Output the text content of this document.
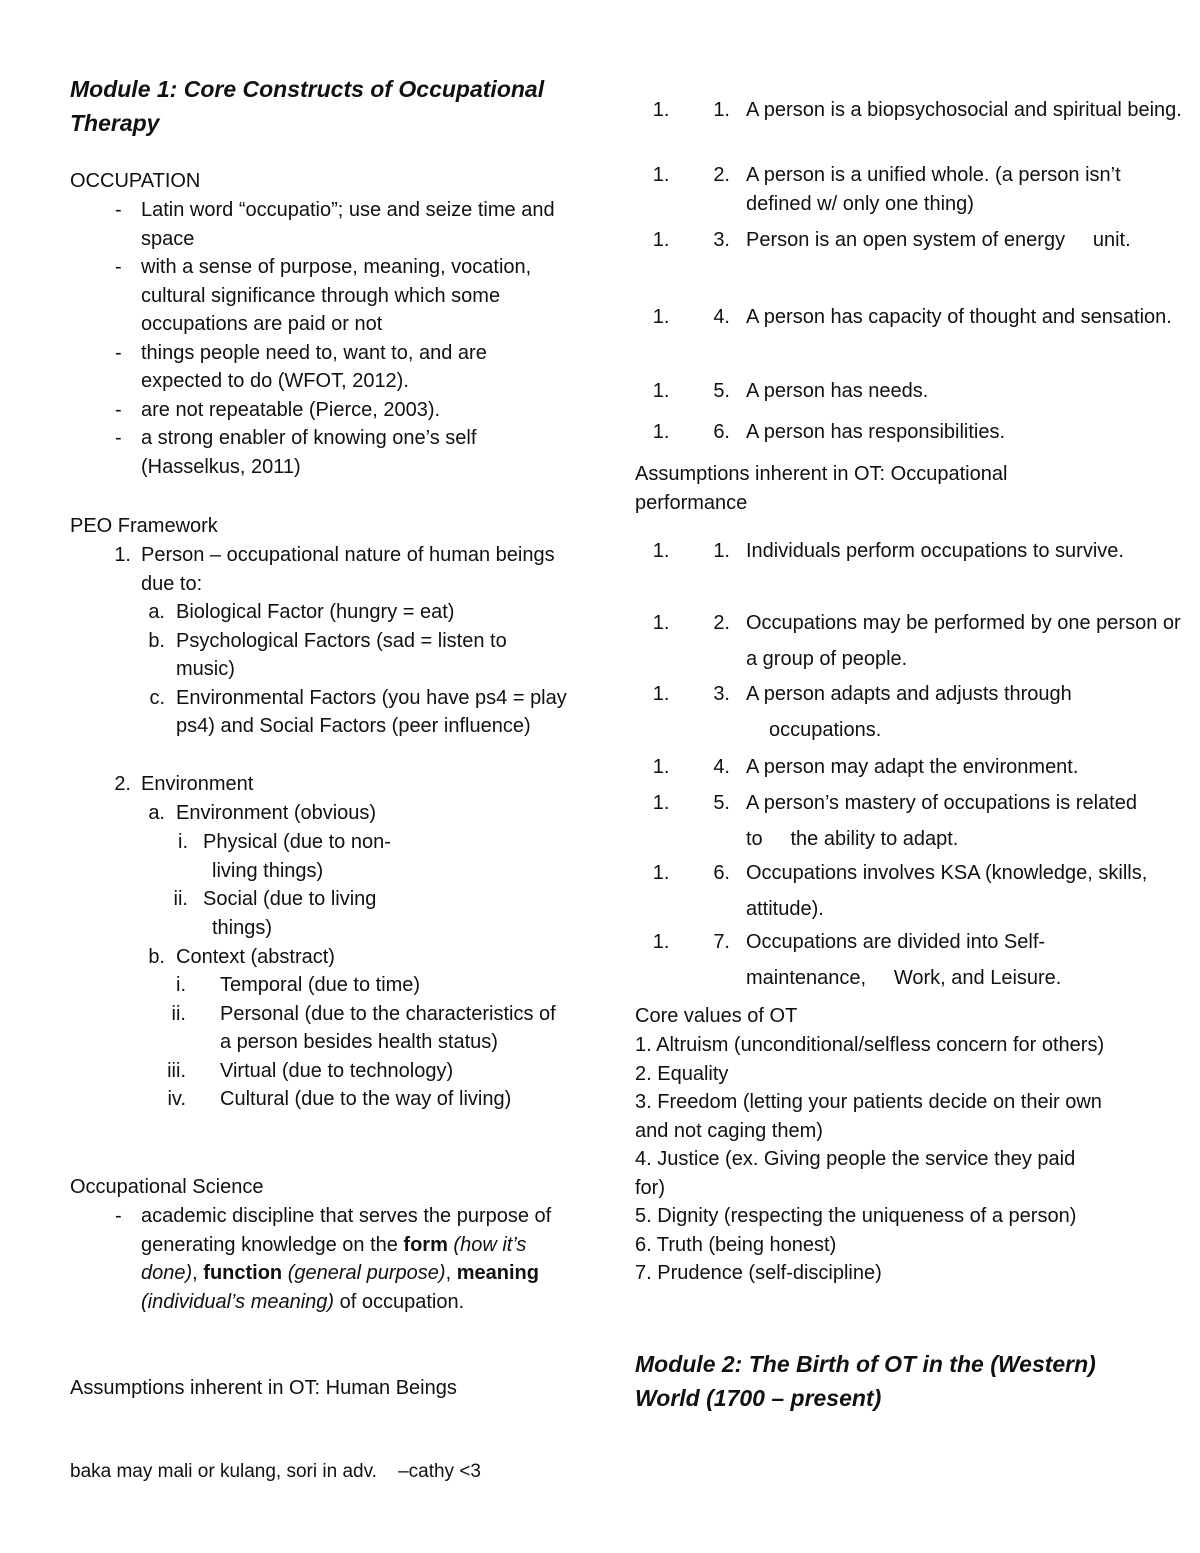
Module 1: Core Constructs of Occupational Therapy
OCCUPATION
- Latin word “occupatio”; use and seize time and space
- with a sense of purpose, meaning, vocation, cultural significance through which some occupations are paid or not
- things people need to, want to, and are expected to do (WFOT, 2012).
- are not repeatable (Pierce, 2003).
- a strong enabler of knowing one’s self (Hasselkus, 2011)
PEO Framework
1. Person – occupational nature of human beings due to:
a. Biological Factor (hungry = eat)
b. Psychological Factors (sad = listen to music)
c. Environmental Factors (you have ps4 = play ps4) and Social Factors (peer influence)
2. Environment
a. Environment (obvious)
i. Physical (due to non-
living things)
ii. Social (due to living
things)
b. Context (abstract)
i. Temporal (due to time)
ii. Personal (due to the characteristics of a person besides health status)
iii. Virtual (due to technology)
iv. Cultural (due to the way of living)
Occupational Science
- academic discipline that serves the purpose of generating knowledge on the form (how it’s done), function (general purpose), meaning (individual’s meaning) of occupation.
Assumptions inherent in OT: Human Beings
1. 1. A person is a biopsychosocial and spiritual being.
1. 2. A person is a unified whole. (a person isn’t defined w/ only one thing)
1. 3. Person is an open system of energy     unit.
1. 4. A person has capacity of thought and sensation.
1. 5. A person has needs.
1. 6. A person has responsibilities.
Assumptions inherent in OT: Occupational performance
1. 1. Individuals perform occupations to survive.
1. 2. Occupations may be performed by one person or a group of people.
1. 3. A person adapts and adjusts through
occupations.
1. 4. A person may adapt the environment.
1. 5. A person’s mastery of occupations is related
to     the ability to adapt.
1. 6. Occupations involves KSA (knowledge, skills, attitude).
1. 7. Occupations are divided into Self-
maintenance,     Work, and Leisure.
Core values of OT
1. Altruism (unconditional/selfless concern for others)
2. Equality
3. Freedom (letting your patients decide on their own and not caging them)
4. Justice (ex. Giving people the service they paid for)
5. Dignity (respecting the uniqueness of a person)
6. Truth (being honest)
7. Prudence (self-discipline)
Module 2: The Birth of OT in the (Western) World (1700 – present)
baka may mali or kulang, sori in adv.    –cathy <3
